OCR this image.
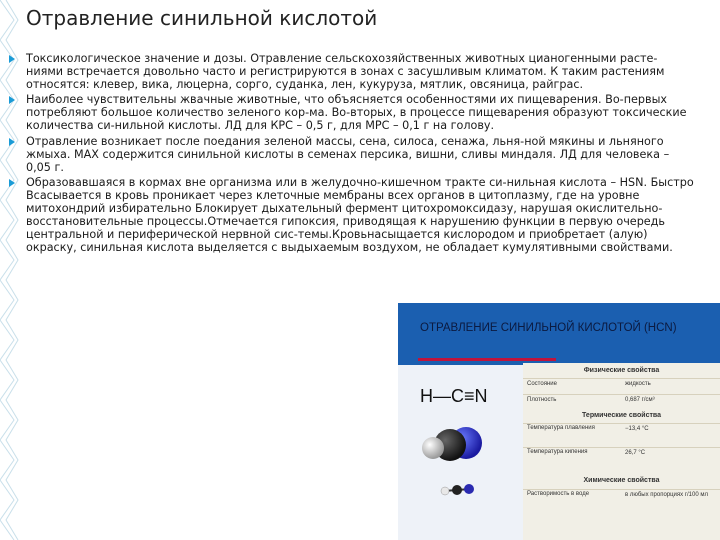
Отравление синильной кислотой
Токсикологическое значение и дозы. Отравление сельскохозяйственных животных цианогенными расте-ниями встречается довольно часто и регистрируются в зонах с засушливым климатом. К таким растениям относятся: клевер, вика, люцерна, сорго, суданка, лен, кукуруза, мятлик, овсяница, райграс.
Наиболее чувствительны жвачные животные, что объясняется особенностями их пищеварения. Во-первых потребляют большое количество зеленого кор-ма. Во-вторых, в процессе пищеварения образуют токсические количества си-нильной кислоты. ЛД для КРС – 0,5 г, для МРС – 0,1 г на голову.
Отравление возникает после поедания зеленой массы, сена, силоса, сенажа, льня-ной мякины и льняного жмыха. MAX содержится синильной кислоты в семенах персика, вишни, сливы миндаля. ЛД для человека – 0,05 г.
Образовавшаяся в кормах вне организма или в желудочно-кишечном тракте си-нильная кислота – HSN. Быстро Всасывается в кровь проникает через клеточные мембраны всех органов в цитоплазму, где на уровне митохондрий избирательно Блокирует дыхательный фермент цитохромоксидазу, нарушая окислительно- восстановительные процессы.Отмечается гипоксия, приводящая к нарушению функции в первую очередь центральной и периферической нервной сис-темы.Кровьнасыщается кислородом и приобретает (алую) окраску, синильная кислота выделяется с выдыхаемым воздухом, не обладает кумулятивными свойствами.
ОТРАВЛЕНИЕ СИНИЛЬНОЙ КИСЛОТОЙ (HCN)
H—C≡N
Физические свойства
Состояние	жидкость
Плотность	0,687 г/см³
Термические свойства
Температура плавления	−13,4 °C
Температура кипения	26,7 °C
Химические свойства
Растворимость в воде	в любых пропорциях г/100 мл
